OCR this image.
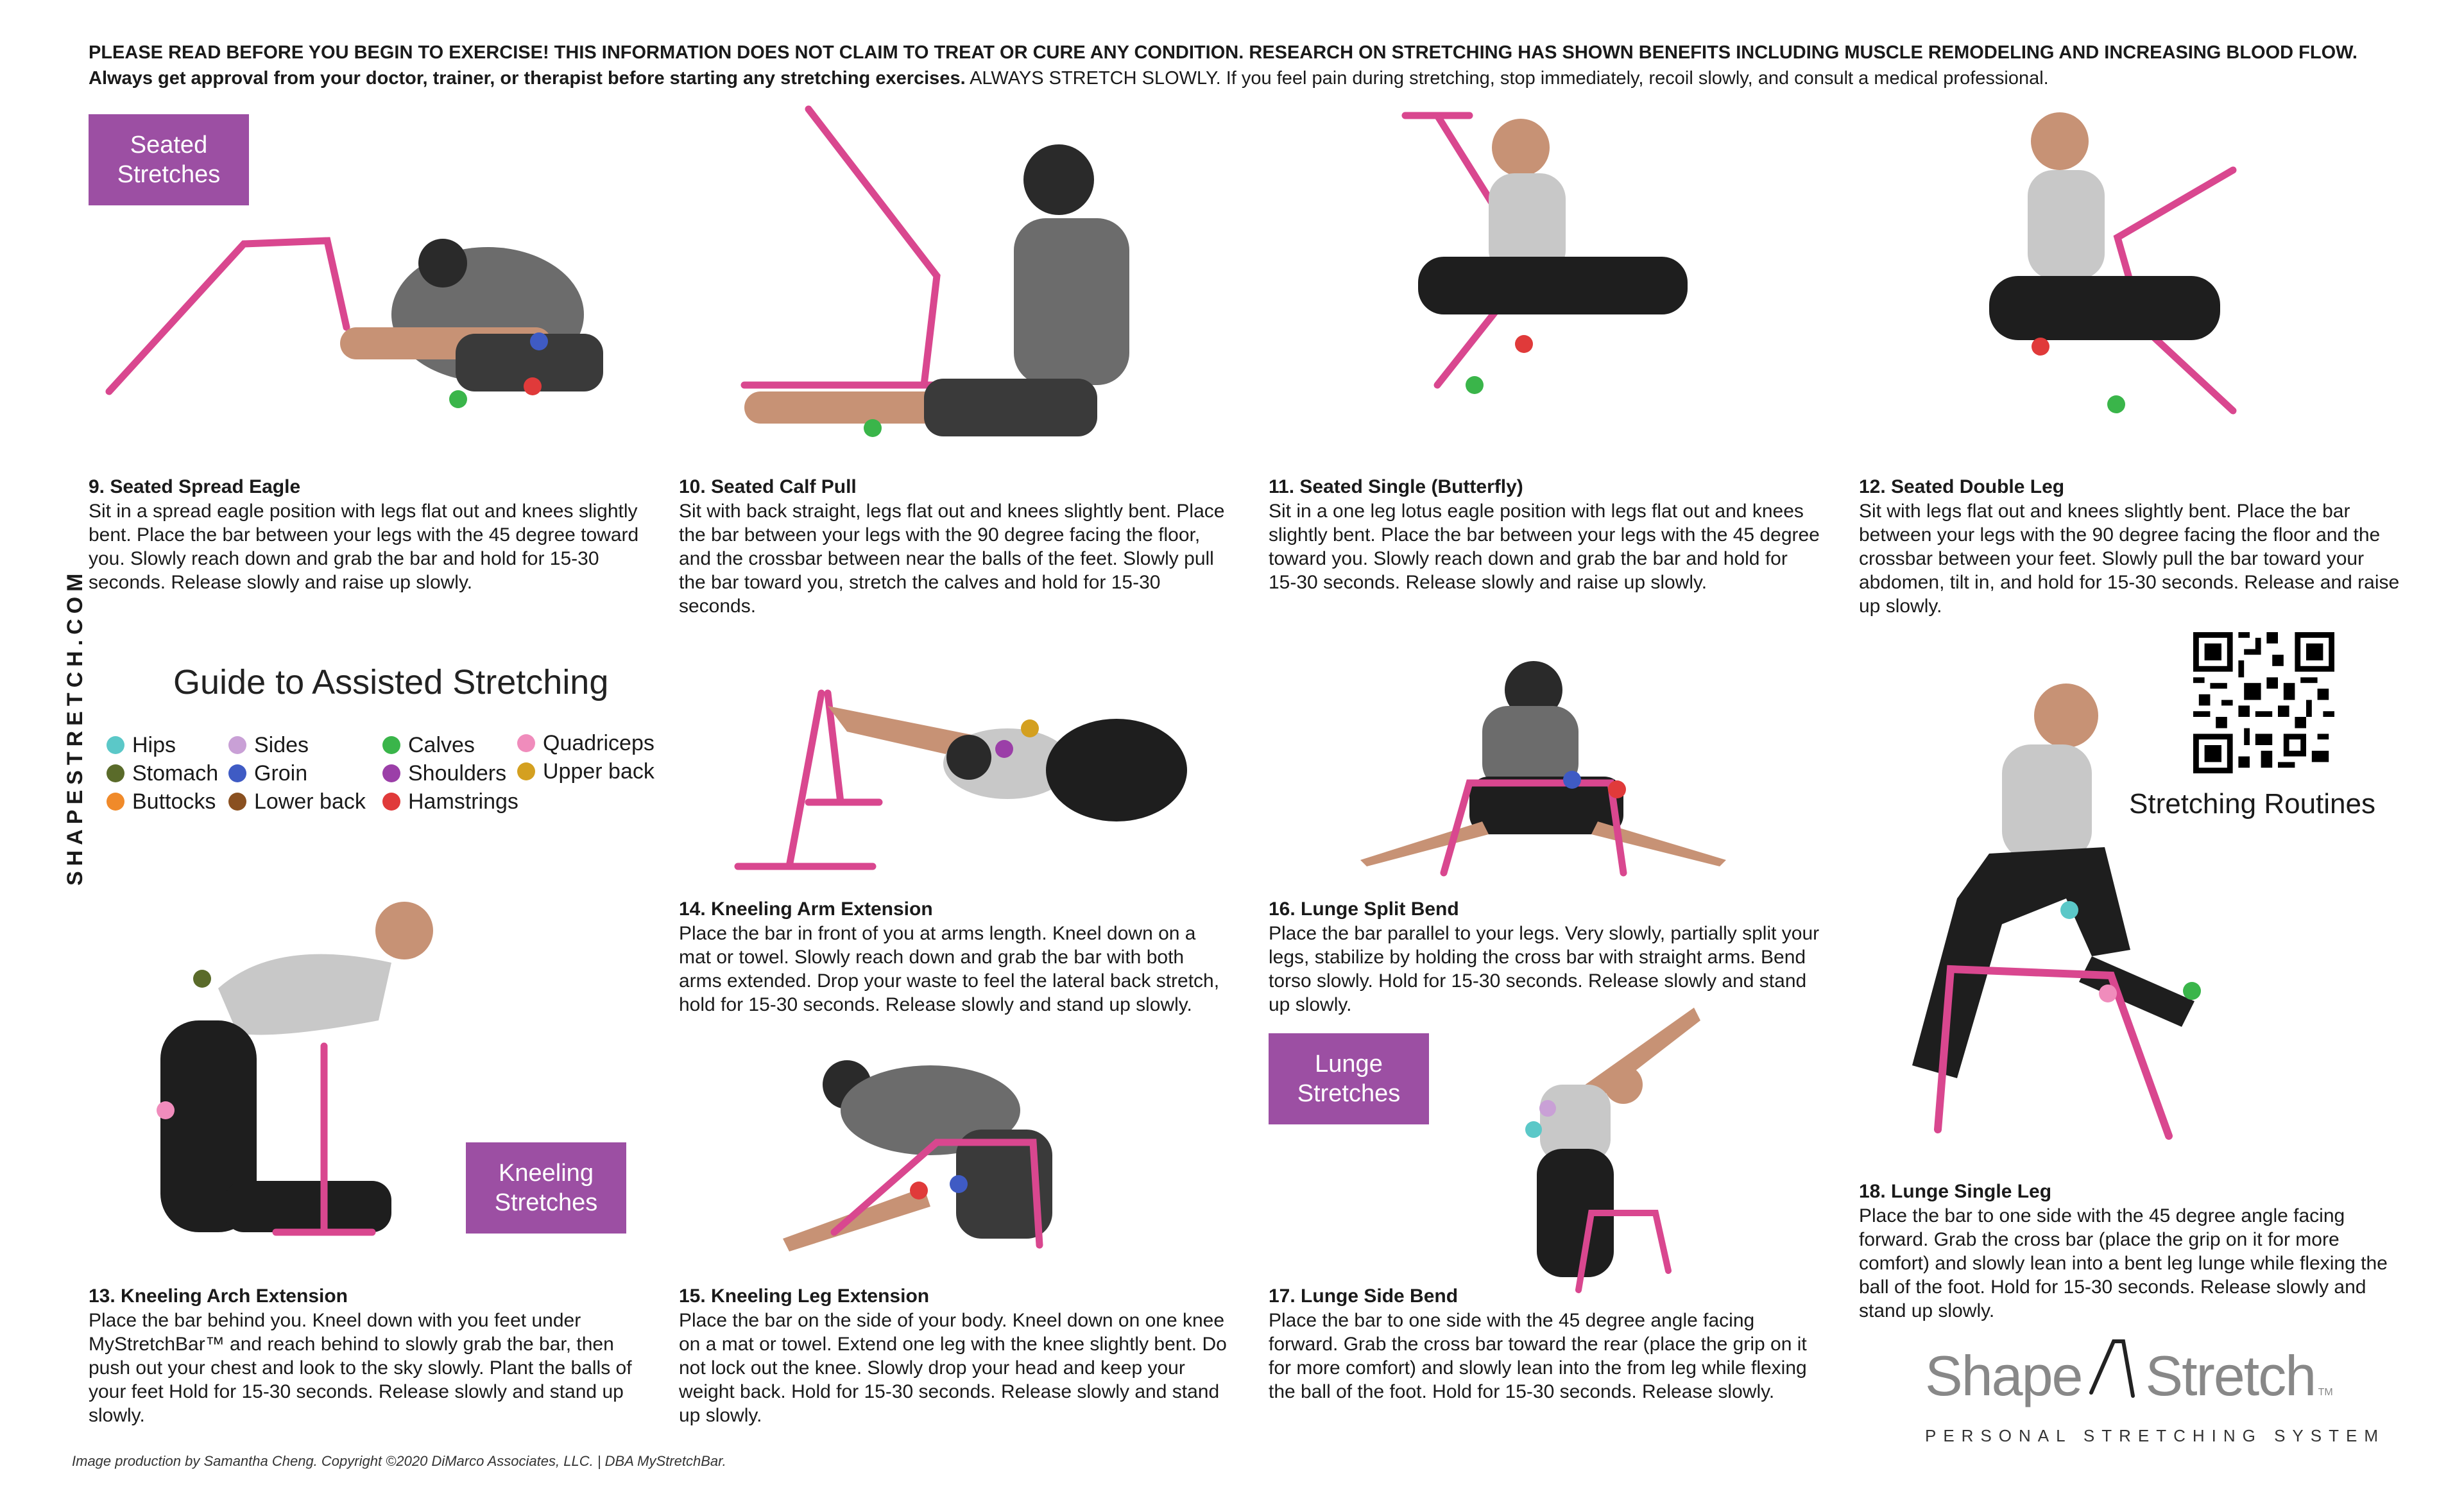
PLEASE READ BEFORE YOU BEGIN TO EXERCISE! THIS INFORMATION DOES NOT CLAIM TO TREAT OR CURE ANY CONDITION. RESEARCH ON STRETCHING HAS SHOWN BENEFITS INCLUDING MUSCLE REMODELING AND INCREASING BLOOD FLOW. Always get approval from your doctor, trainer, or therapist before starting any stretching exercises. ALWAYS STRETCH SLOWLY. If you feel pain during stretching, stop immediately, recoil slowly, and consult a medical professional.
Seated Stretches
Kneeling Stretches
Lunge Stretches
SHAPESTRETCH.COM

9. Seated Spread Eagle

Sit in a spread eagle position with legs flat out and knees slightly bent. Place the bar between your legs with the 45 degree toward you. Slowly reach down and grab the bar and hold for 15-30 seconds. Release slowly and raise up slowly.

10. Seated Calf Pull

Sit with back straight, legs flat out and knees slightly bent. Place the bar between your legs with the 90 degree facing the floor, and the crossbar between near the balls of the feet. Slowly pull the bar toward you, stretch the calves and hold for 15-30 seconds.

11. Seated Single (Butterfly)

Sit in a one leg lotus eagle position with legs flat out and knees slightly bent. Place the bar between your legs with the 45 degree toward you. Slowly reach down and grab the bar and hold for 15-30 seconds. Release slowly and raise up slowly.

12. Seated Double Leg

Sit with legs flat out and knees slightly bent. Place the bar between your legs with the 90 degree facing the floor and the crossbar between your feet. Slowly pull the bar toward your abdomen, tilt in, and hold for 15-30 seconds. Release and raise up slowly.

13. Kneeling Arch Extension

Place the bar behind you. Kneel down with you feet under MyStretchBar™ and reach behind to slowly grab the bar, then push out your chest and look to the sky slowly. Plant the balls of your feet Hold for 15-30 seconds. Release slowly and stand up slowly.

14. Kneeling Arm Extension

Place the bar in front of you at arms length. Kneel down on a mat or towel. Slowly reach down and grab the bar with both arms extended. Drop your waste to feel the lateral back stretch, hold for 15-30 seconds. Release slowly and stand up slowly.

15. Kneeling Leg Extension

Place the bar on the side of your body. Kneel down on one knee on a mat or towel. Extend one leg with the knee slightly bent. Do not lock out the knee. Slowly drop your head and keep your weight back. Hold for 15-30 seconds. Release slowly and stand up slowly.

16. Lunge Split Bend

Place the bar parallel to your legs. Very slowly, partially split your legs, stabilize by holding the cross bar with straight arms. Bend torso slowly. Hold for 15-30 seconds. Release slowly and stand up slowly.

17. Lunge Side Bend

Place the bar to one side with the 45 degree angle facing forward. Grab the cross bar toward the rear (place the grip on it for more comfort) and slowly lean into the from leg while flexing the ball of the foot. Hold for 15-30 seconds. Release slowly.

18. Lunge Single Leg

Place the bar to one side with the 45 degree angle facing forward. Grab the cross bar (place the grip on it for more comfort) and slowly lean into a bent leg lunge while flexing the ball of the foot. Hold for 15-30 seconds. Release slowly and stand up slowly.

Guide to Assisted Stretching
Hips
Stomach
Buttocks
Sides
Groin
Lower back
Calves
Shoulders
Hamstrings
Quadriceps
Upper back
Stretching Routines
Shape Stretch TM
PERSONAL STRETCHING SYSTEM
Image production by Samantha Cheng. Copyright ©2020 DiMarco Associates, LLC. | DBA MyStretchBar.
